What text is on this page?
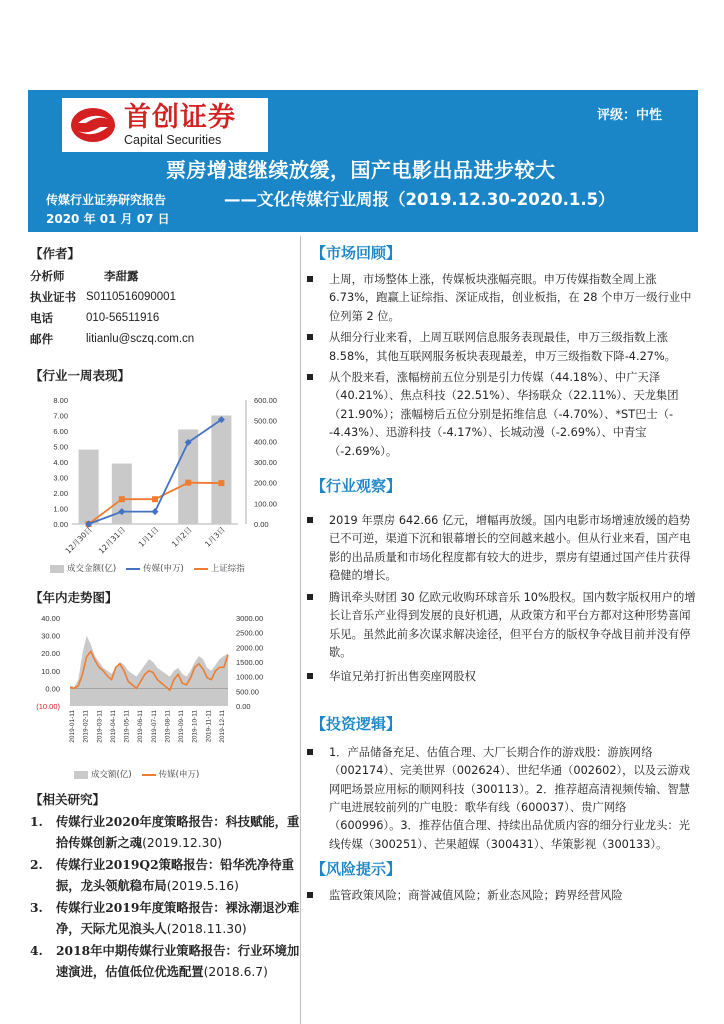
首创证券
Capital Securities
评级：中性
票房增速继续放缓，国产电影出品进步较大
传媒行业证券研究报告	——文化传媒行业周报（2019.12.30-2020.1.5）
2020 年 01 月 07 日
【作者】
分析师	李甜露
执业证书 S0110516090001
电话	010-56511916
邮件	litianlu@sczq.com.cn
【行业一周表现】
0.00
1.00
2.00
3.00
4.00
5.00
6.00
7.00
8.00
0.00
100.00
200.00
300.00
400.00
500.00
600.00
12月30日 12月31日 1月1日 1月2日 1月3日
成交金额(亿)	传媒(申万)	上证综指
【年内走势图】
(10.00)
0.00
10.00
20.00
30.00
40.00
0.00
500.00
1000.00
1500.00
2000.00
2500.00
3000.00
2019-01-11 2019-02-11 2019-03-11 2019-04-11 2019-05-11 2019-06-11 2019-07-11 2019-08-11 2019-09-11 2019-10-11 2019-11-11 2019-12-11
成交额(亿)	传媒(申万)
【相关研究】
1. 传媒行业2020年度策略报告：科技赋能，重拾传媒创新之魂(2019.12.30)
2. 传媒行业2019Q2策略报告：铅华洗净待重振，龙头领航稳布局(2019.5.16)
3. 传媒行业2019年度策略报告：裸泳潮退沙难净，天际尤见浪头人(2018.11.30)
4. 2018年中期传媒行业策略报告：行业环境加速演进，估值低位优选配置(2018.6.7)
【市场回顾】
上周，市场整体上涨，传媒板块涨幅亮眼。申万传媒指数全周上涨 6.73%，跑赢上证综指、深证成指，创业板指，在 28 个申万一级行业中位列第 2 位。
从细分行业来看，上周互联网信息服务表现最佳，申万三级指数上涨 8.58%，其他互联网服务板块表现最差，申万三级指数下降-4.27%。
从个股来看，涨幅榜前五位分别是引力传媒（44.18%）、中广天泽（40.21%）、焦点科技（22.51%）、华扬联众（22.11%）、天龙集团（21.90%）；涨幅榜后五位分别是拓维信息（-4.70%）、*ST巴士（--4.43%）、迅游科技（-4.17%）、长城动漫（-2.69%）、中青宝（-2.69%）。
【行业观察】
2019 年票房 642.66 亿元，增幅再放缓。国内电影市场增速放缓的趋势已不可逆，渠道下沉和银幕增长的空间越来越小。但从行业来看，国产电影的出品质量和市场化程度都有较大的进步，票房有望通过国产佳片获得稳健的增长。
腾讯牵头财团 30 亿欧元收购环球音乐 10%股权。国内数字版权用户的增长让音乐产业得到发展的良好机遇，从政策方和平台方都对这种形势喜闻乐见。虽然此前多次谋求解决途径，但平台方的版权争夺战目前并没有停歇。
华谊兄弟打折出售奕座网股权
【投资逻辑】
1．产品储备充足、估值合理、大厂长期合作的游戏股：游族网络（002174）、完美世界（002624）、世纪华通（002602），以及云游戏网吧场景应用标的顺网科技（300113）。2．推荐超高清视频传输、智慧广电进展较前列的广电股：歌华有线（600037）、贵广网络（600996）。3．推荐估值合理、持续出品优质内容的细分行业龙头：光线传媒（300251）、芒果超媒（300431）、华策影视（300133）。
【风险提示】
监管政策风险；商誉减值风险；新业态风险；跨界经营风险
